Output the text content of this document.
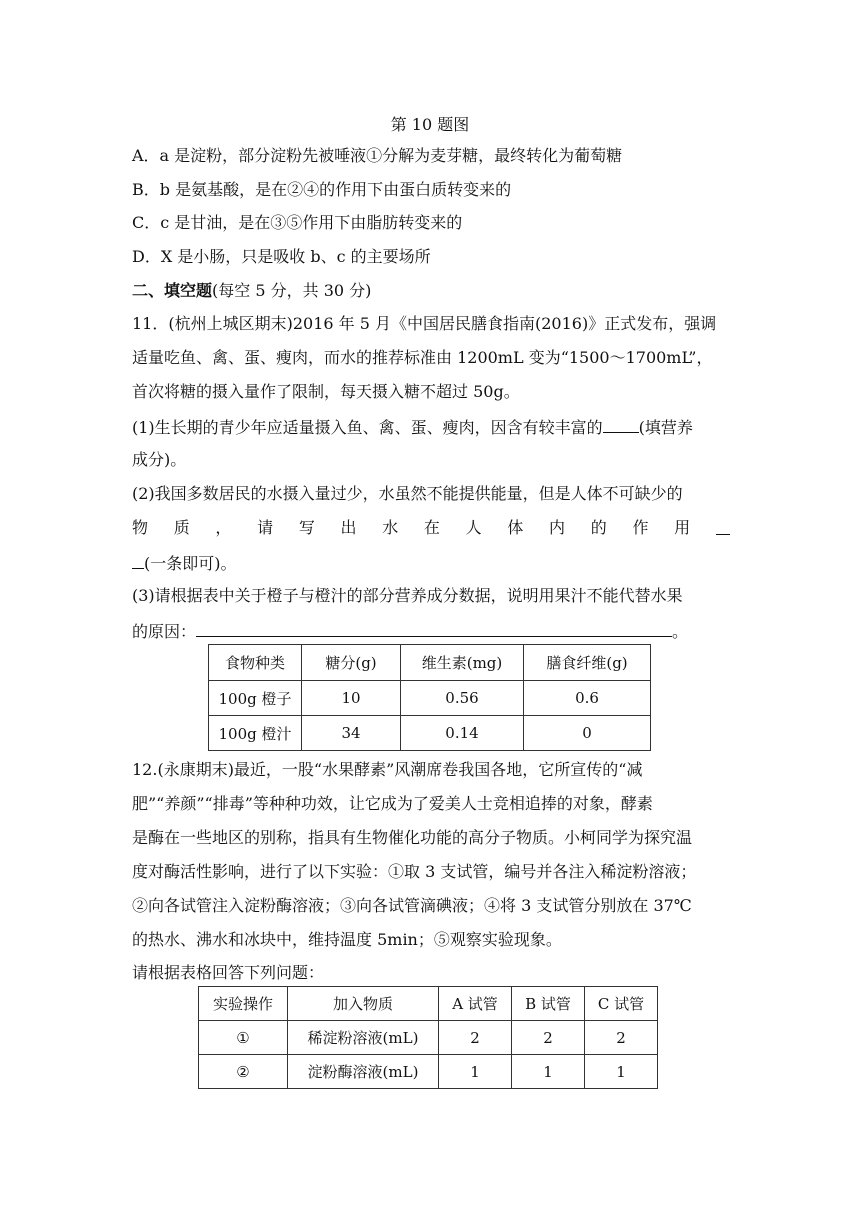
第 10 题图
A．a 是淀粉，部分淀粉先被唾液①分解为麦芽糖，最终转化为葡萄糖
B．b 是氨基酸，是在②④的作用下由蛋白质转变来的
C．c 是甘油，是在③⑤作用下由脂肪转变来的
D．X 是小肠，只是吸收 b、c 的主要场所
二、填空题(每空 5 分，共 30 分)
11．(杭州上城区期末)2016 年 5 月《中国居民膳食指南(2016)》正式发布，强调
适量吃鱼、禽、蛋、瘦肉，而水的推荐标准由 1200mL 变为“1500～1700mL”，
首次将糖的摄入量作了限制，每天摄入糖不超过 50g。
(1)生长期的青少年应适量摄入鱼、禽、蛋、瘦肉，因含有较丰富的 (填营养
成分)。
(2)我国多数居民的水摄入量过少，水虽然不能提供能量，但是人体不可缺少的
物 质 ， 请 写 出 水 在 人 体 内 的 作 用
(一条即可)。
(3)请根据表中关于橙子与橙汁的部分营养成分数据，说明用果汁不能代替水果
的原因：	。
食物种类	糖分(g)	维生素(mg)	膳食纤维(g)
100g 橙子	10	0.56	0.6
100g 橙汁	34	0.14	0
12.(永康期末)最近，一股“水果酵素”风潮席卷我国各地，它所宣传的“减
肥”“养颜”“排毒”等种种功效，让它成为了爱美人士竞相追捧的对象，酵素
是酶在一些地区的别称，指具有生物催化功能的高分子物质。小柯同学为探究温
度对酶活性影响，进行了以下实验：①取 3 支试管，编号并各注入稀淀粉溶液；
②向各试管注入淀粉酶溶液；③向各试管滴碘液；④将 3 支试管分别放在 37℃
的热水、沸水和冰块中，维持温度 5min；⑤观察实验现象。
请根据表格回答下列问题：
实验操作	加入物质	A 试管	B 试管	C 试管
①	稀淀粉溶液(mL)	2	2	2
②	淀粉酶溶液(mL)	1	1	1
